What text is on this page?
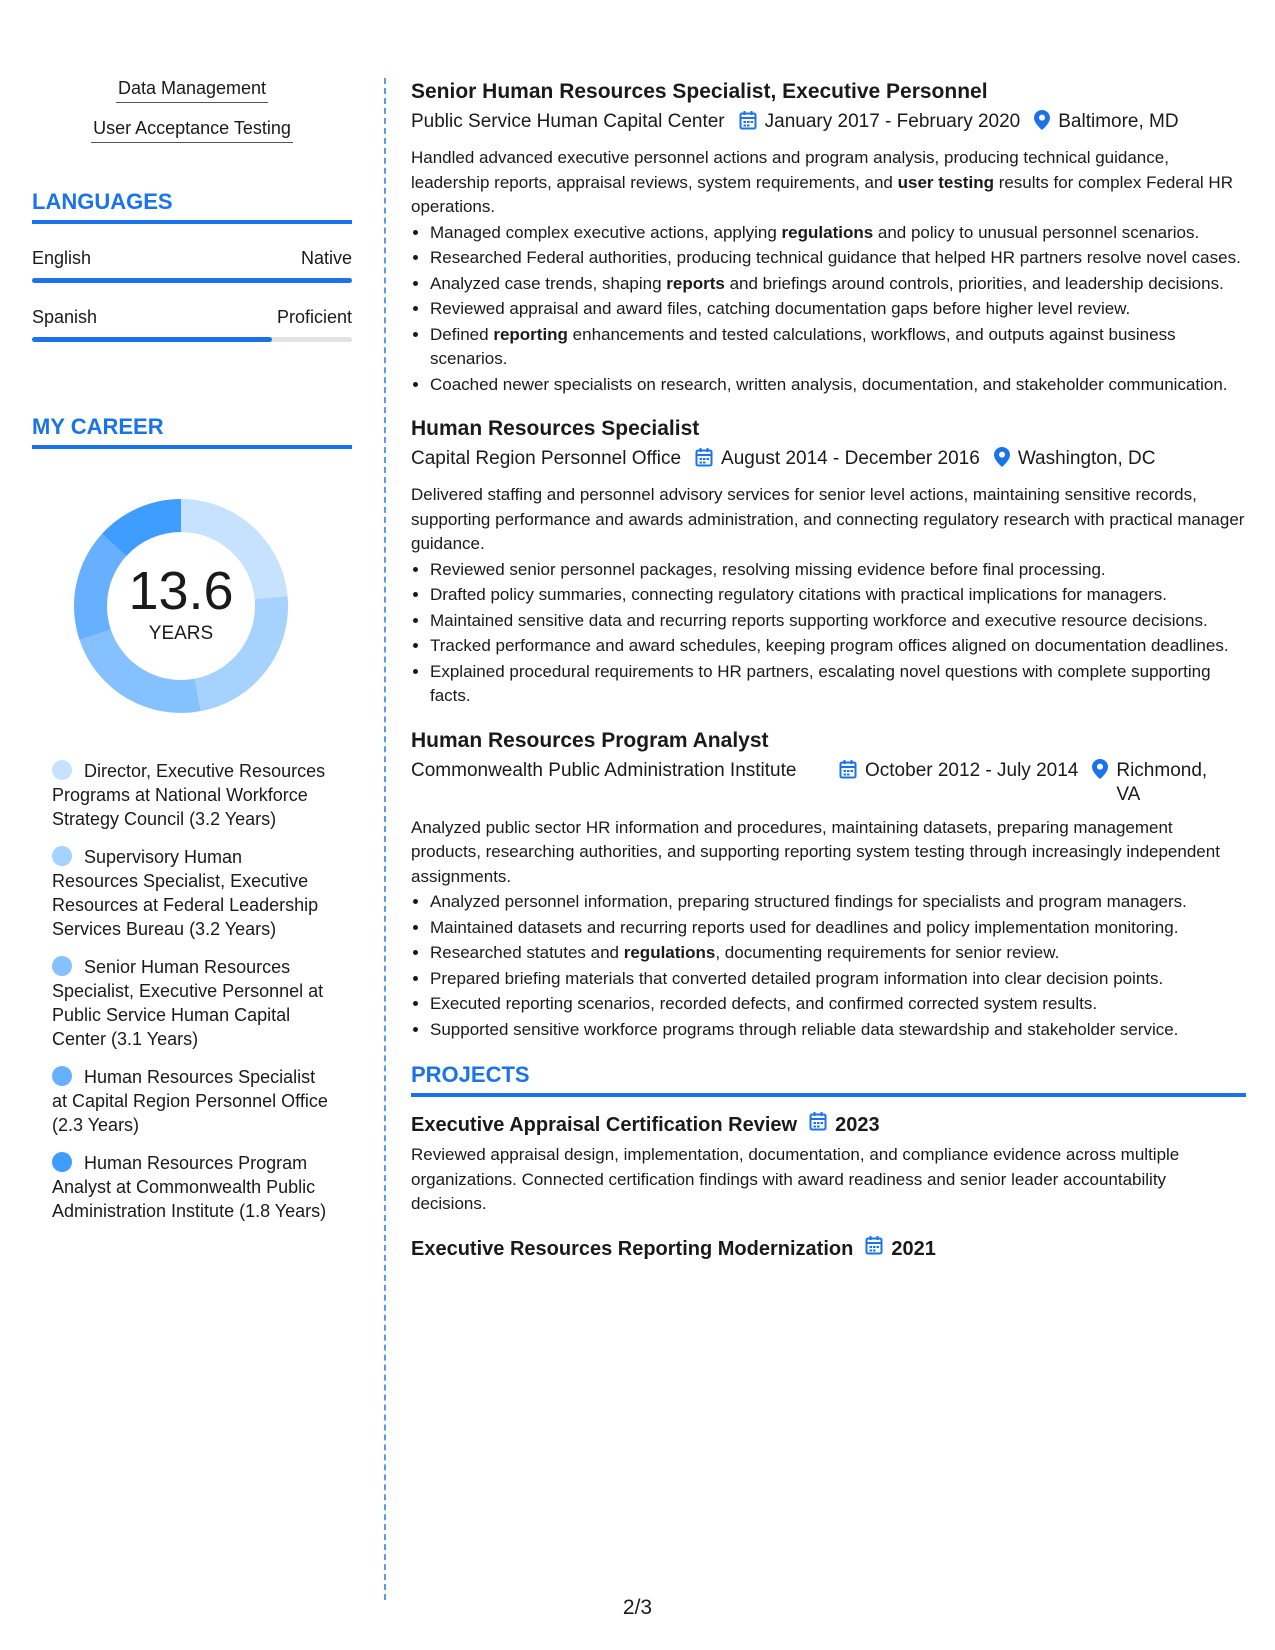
Data Management
User Acceptance Testing
LANGUAGES
English	Native
Spanish	Proficient
MY CAREER
13.6
YEARS
Director, Executive Resources Programs at National Workforce Strategy Council (3.2 Years)
Supervisory Human Resources Specialist, Executive Resources at Federal Leadership Services Bureau (3.2 Years)
Senior Human Resources Specialist, Executive Personnel at Public Service Human Capital Center (3.1 Years)
Human Resources Specialist at Capital Region Personnel Office (2.3 Years)
Human Resources Program Analyst at Commonwealth Public Administration Institute (1.8 Years)
Senior Human Resources Specialist, Executive Personnel
Public Service Human Capital Center January 2017 - February 2020 Baltimore, MD
Handled advanced executive personnel actions and program analysis, producing technical guidance, leadership reports, appraisal reviews, system requirements, and user testing results for complex Federal HR operations.
• Managed complex executive actions, applying regulations and policy to unusual personnel scenarios.
• Researched Federal authorities, producing technical guidance that helped HR partners resolve novel cases.
• Analyzed case trends, shaping reports and briefings around controls, priorities, and leadership decisions.
• Reviewed appraisal and award files, catching documentation gaps before higher level review.
• Defined reporting enhancements and tested calculations, workflows, and outputs against business scenarios.
• Coached newer specialists on research, written analysis, documentation, and stakeholder communication.
Human Resources Specialist
Capital Region Personnel Office August 2014 - December 2016 Washington, DC
Delivered staffing and personnel advisory services for senior level actions, maintaining sensitive records, supporting performance and awards administration, and connecting regulatory research with practical manager guidance.
• Reviewed senior personnel packages, resolving missing evidence before final processing.
• Drafted policy summaries, connecting regulatory citations with practical implications for managers.
• Maintained sensitive data and recurring reports supporting workforce and executive resource decisions.
• Tracked performance and award schedules, keeping program offices aligned on documentation deadlines.
• Explained procedural requirements to HR partners, escalating novel questions with complete supporting facts.
Human Resources Program Analyst
Commonwealth Public Administration Institute	October 2012 - July 2014 Richmond, VA
Analyzed public sector HR information and procedures, maintaining datasets, preparing management products, researching authorities, and supporting reporting system testing through increasingly independent assignments.
• Analyzed personnel information, preparing structured findings for specialists and program managers.
• Maintained datasets and recurring reports used for deadlines and policy implementation monitoring.
• Researched statutes and regulations, documenting requirements for senior review.
• Prepared briefing materials that converted detailed program information into clear decision points.
• Executed reporting scenarios, recorded defects, and confirmed corrected system results.
• Supported sensitive workforce programs through reliable data stewardship and stakeholder service.
PROJECTS
Executive Appraisal Certification Review 2023
Reviewed appraisal design, implementation, documentation, and compliance evidence across multiple organizations. Connected certification findings with award readiness and senior leader accountability decisions.
Executive Resources Reporting Modernization 2021
2/3
